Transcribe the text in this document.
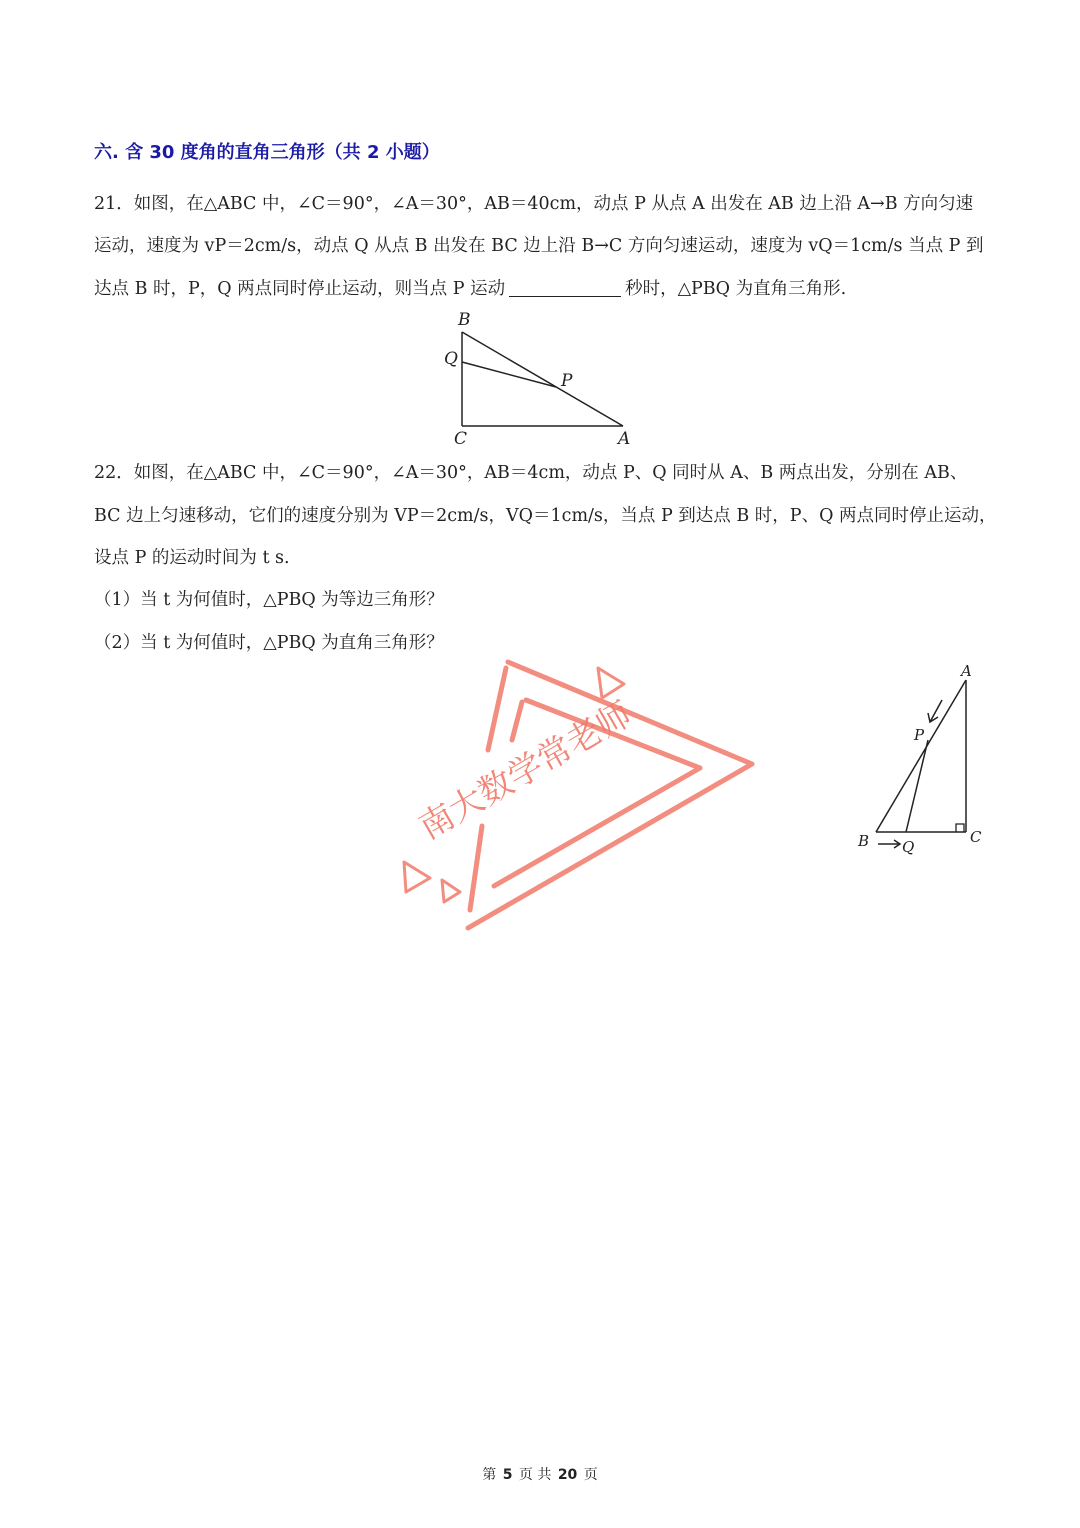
六. 含 30 度角的直角三角形（共 2 小题）
21．如图，在△ABC 中，∠C＝90°，∠A＝30°，AB＝40cm，动点 P 从点 A 出发在 AB 边上沿 A→B 方向匀速
运动，速度为 vP＝2cm/s，动点 Q 从点 B 出发在 BC 边上沿 B→C 方向匀速运动，速度为 vQ＝1cm/s 当点 P 到
达点 B 时，P，Q 两点同时停止运动，则当点 P 运动	秒时，△PBQ 为直角三角形.
B
Q
P
C	A
22．如图，在△ABC 中，∠C＝90°，∠A＝30°，AB＝4cm，动点 P、Q 同时从 A、B 两点出发，分别在 AB、
BC 边上匀速移动，它们的速度分别为 VP＝2cm/s，VQ＝1cm/s，当点 P 到达点 B 时，P、Q 两点同时停止运动，
设点 P 的运动时间为 t s.
（1）当 t 为何值时，△PBQ 为等边三角形？
（2）当 t 为何值时，△PBQ 为直角三角形？
南大数学常老师
A
P
B Q
C
第 5 页 共 20 页
